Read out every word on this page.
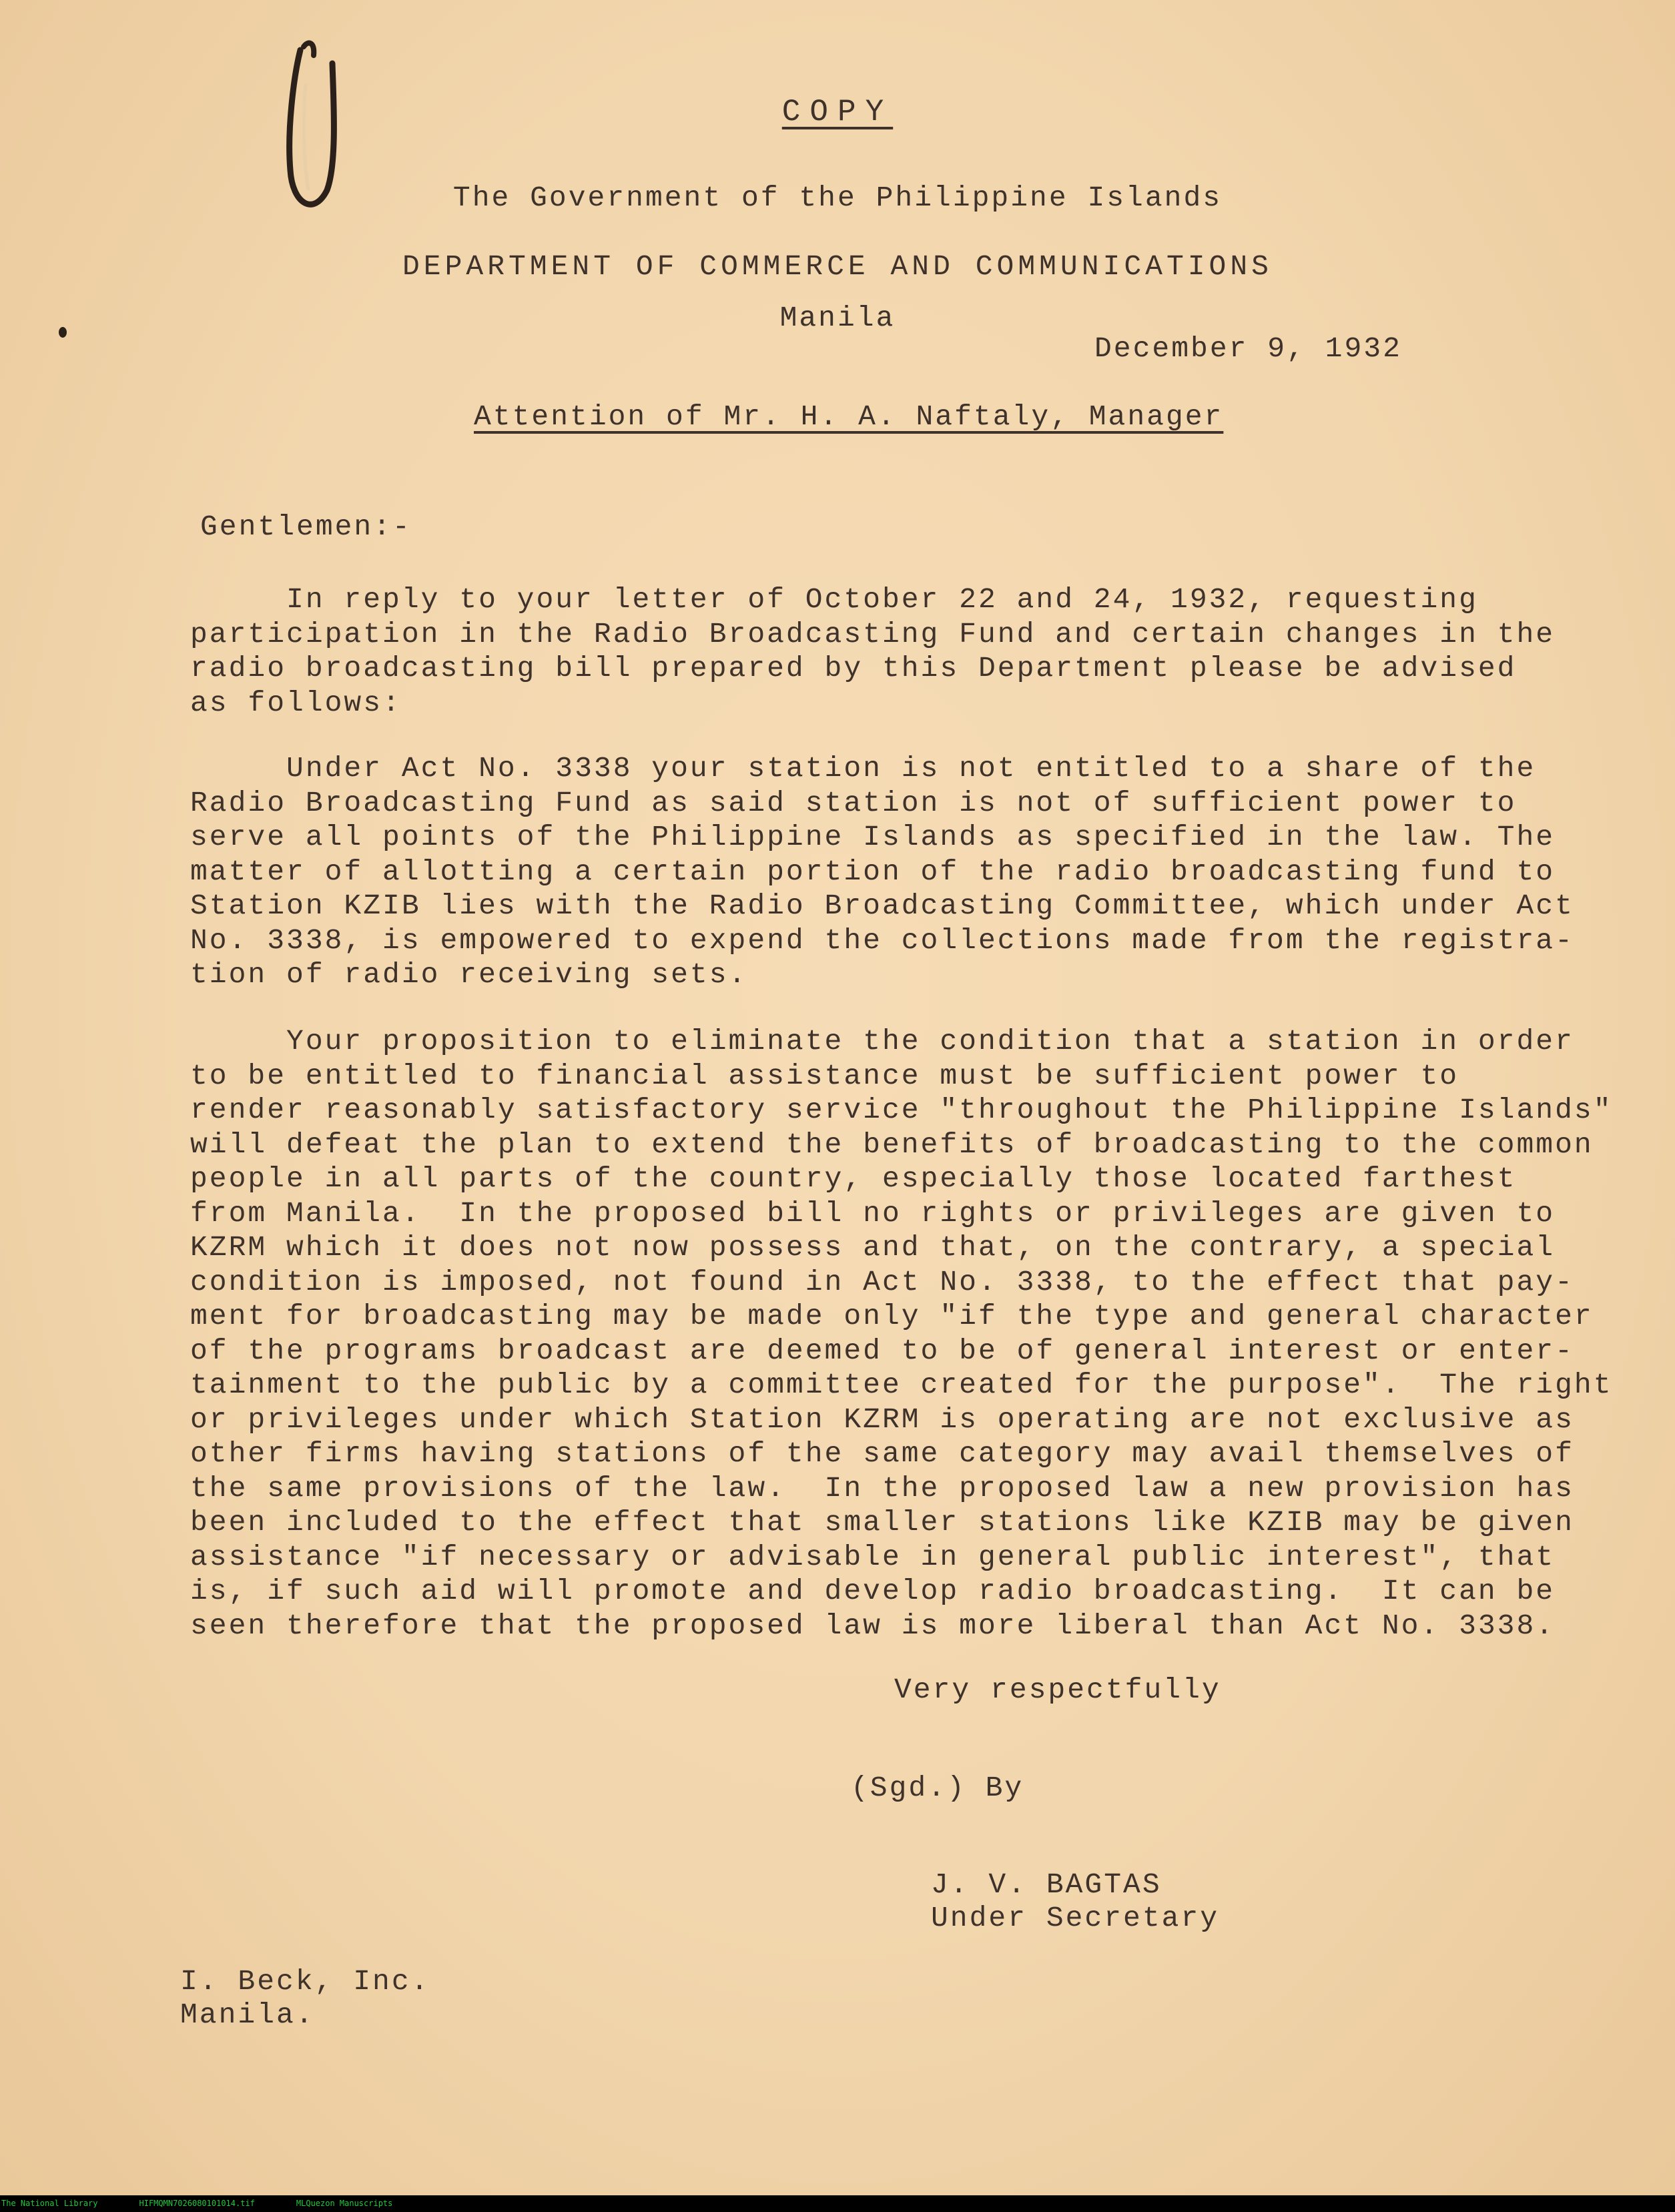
COPY
The Government of the Philippine Islands
DEPARTMENT OF COMMERCE AND COMMUNICATIONS
Manila
December 9, 1932
Attention of Mr. H. A. Naftaly, Manager
Gentlemen:-

In reply to your letter of October 22 and 24, 1932, requesting
participation in the Radio Broadcasting Fund and certain changes in the
radio broadcasting bill prepared by this Department please be advised
as follows:

Under Act No. 3338 your station is not entitled to a share of the
Radio Broadcasting Fund as said station is not of sufficient power to
serve all points of the Philippine Islands as specified in the law. The
matter of allotting a certain portion of the radio broadcasting fund to
Station KZIB lies with the Radio Broadcasting Committee, which under Act
No. 3338, is empowered to expend the collections made from the registra-
tion of radio receiving sets.

Your proposition to eliminate the condition that a station in order
to be entitled to financial assistance must be sufficient power to
render reasonably satisfactory service "throughout the Philippine Islands"
will defeat the plan to extend the benefits of broadcasting to the common
people in all parts of the country, especially those located farthest
from Manila.  In the proposed bill no rights or privileges are given to
KZRM which it does not now possess and that, on the contrary, a special
condition is imposed, not found in Act No. 3338, to the effect that pay-
ment for broadcasting may be made only "if the type and general character
of the programs broadcast are deemed to be of general interest or enter-
tainment to the public by a committee created for the purpose".  The right
or privileges under which Station KZRM is operating are not exclusive as
other firms having stations of the same category may avail themselves of
the same provisions of the law.  In the proposed law a new provision has
been included to the effect that smaller stations like KZIB may be given
assistance "if necessary or advisable in general public interest", that
is, if such aid will promote and develop radio broadcasting.  It can be
seen therefore that the proposed law is more liberal than Act No. 3338.

Very respectfully
(Sgd.) By
J. V. BAGTAS
Under Secretary
I. Beck, Inc.
Manila.
The National Library	HIFMQMN7026080101014.tif	MLQuezon Manuscripts
